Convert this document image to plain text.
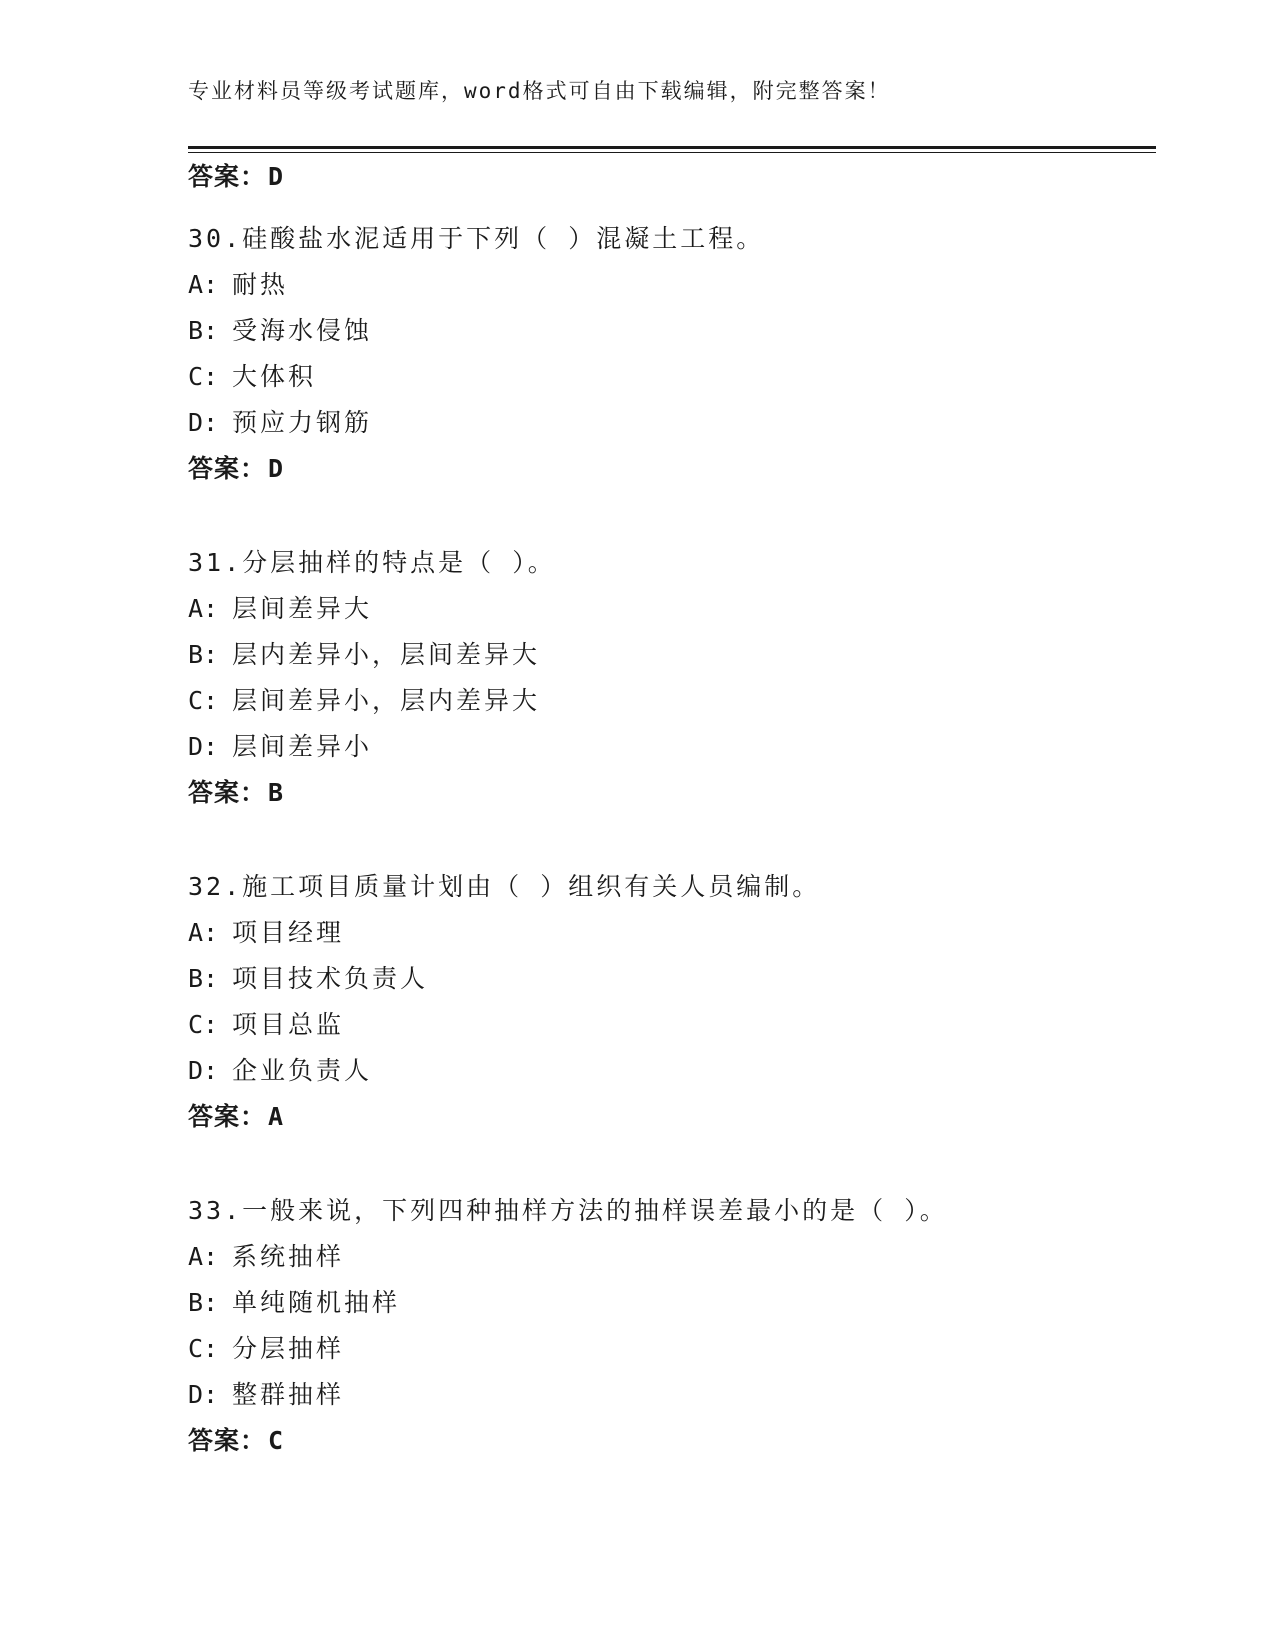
专业材料员等级考试题库，word格式可自由下载编辑，附完整答案！
答案：D
30.硅酸盐水泥适用于下列（ ）混凝土工程。
A: 耐热
B: 受海水侵蚀
C: 大体积
D: 预应力钢筋
答案：D
31.分层抽样的特点是（ ）。
A: 层间差异大
B: 层内差异小，层间差异大
C: 层间差异小，层内差异大
D: 层间差异小
答案：B
32.施工项目质量计划由（ ）组织有关人员编制。
A: 项目经理
B: 项目技术负责人
C: 项目总监
D: 企业负责人
答案：A
33.一般来说，下列四种抽样方法的抽样误差最小的是（ ）。
A: 系统抽样
B: 单纯随机抽样
C: 分层抽样
D: 整群抽样
答案：C
